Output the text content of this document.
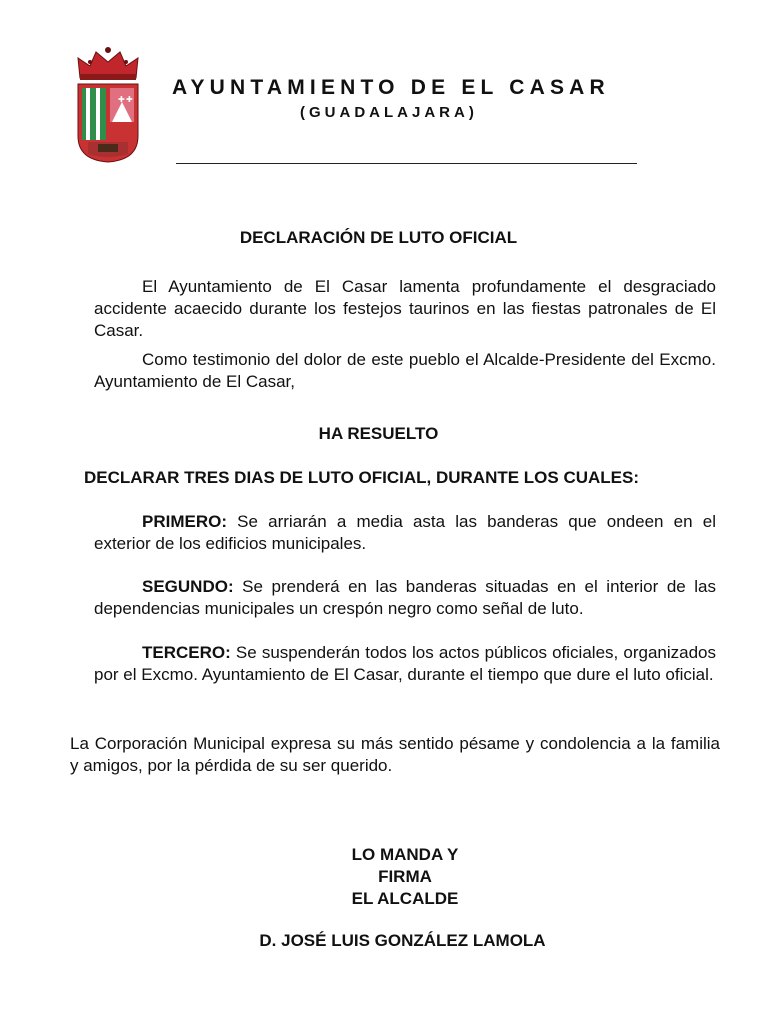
✚ ✚
AYUNTAMIENTO DE EL CASAR
(GUADALAJARA)
DECLARACIÓN DE LUTO OFICIAL
El Ayuntamiento de El Casar lamenta profundamente el desgraciado accidente acaecido durante los festejos taurinos en las fiestas patronales de El Casar.
Como testimonio del dolor de este pueblo el Alcalde-Presidente del Excmo. Ayuntamiento de El Casar,
HA RESUELTO
DECLARAR TRES DIAS DE LUTO OFICIAL, DURANTE LOS CUALES:
PRIMERO: Se arriarán a media asta las banderas que ondeen en el exterior de los edificios municipales.
SEGUNDO: Se prenderá en las banderas situadas en el interior de las dependencias municipales un crespón negro como señal de luto.
TERCERO: Se suspenderán todos los actos públicos oficiales, organizados por el Excmo. Ayuntamiento de El Casar, durante el tiempo que dure el luto oficial.
La Corporación Municipal expresa su más sentido pésame y condolencia a la familia y amigos, por la pérdida de su ser querido.
LO MANDA Y
FIRMA
EL ALCALDE
D. JOSÉ LUIS GONZÁLEZ LAMOLA
